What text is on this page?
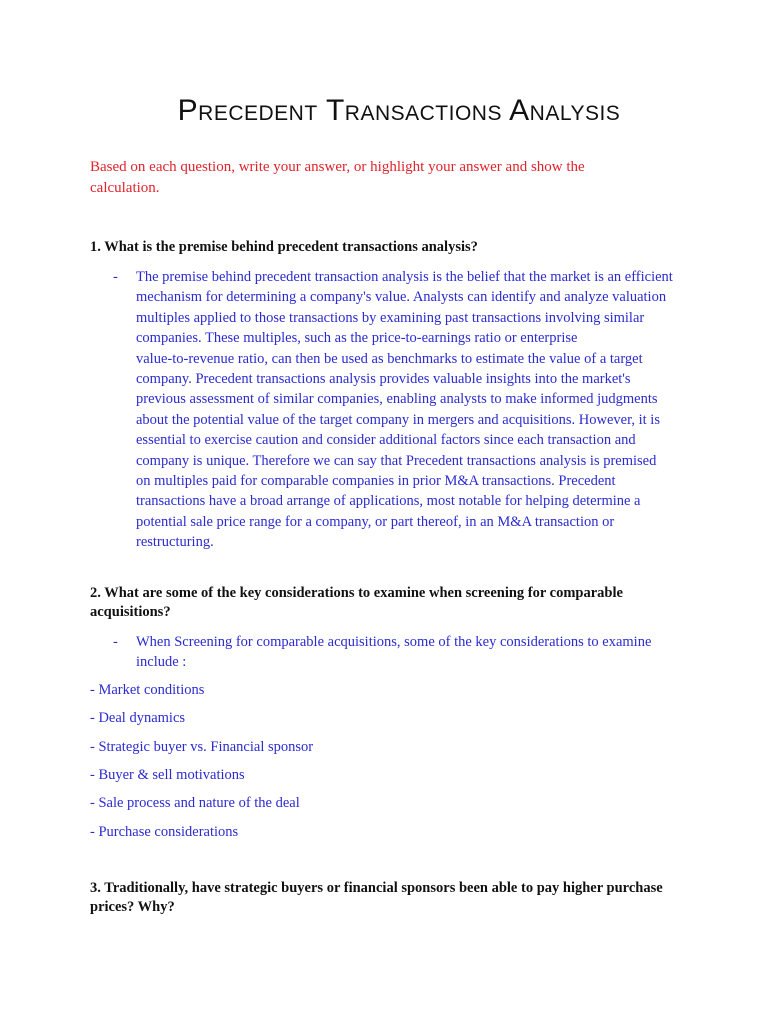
Precedent Transactions Analysis

Based on each question, write your answer, or highlight your answer and show the
calculation.

1. What is the premise behind precedent transactions analysis?

- The premise behind precedent transaction analysis is the belief that the market is an efficient
mechanism for determining a company's value. Analysts can identify and analyze valuation
multiples applied to those transactions by examining past transactions involving similar
companies. These multiples, such as the price-to-earnings ratio or enterprise
value-to-revenue ratio, can then be used as benchmarks to estimate the value of a target
company. Precedent transactions analysis provides valuable insights into the market's
previous assessment of similar companies, enabling analysts to make informed judgments
about the potential value of the target company in mergers and acquisitions. However, it is
essential to exercise caution and consider additional factors since each transaction and
company is unique. Therefore we can say that Precedent transactions analysis is premised
on multiples paid for comparable companies in prior M&A transactions. Precedent
transactions have a broad arrange of applications, most notable for helping determine a
potential sale price range for a company, or part thereof, in an M&A transaction or
restructuring.

2. What are some of the key considerations to examine when screening for comparable
acquisitions?

- When Screening for comparable acquisitions, some of the key considerations to examine
include :

- Market conditions

- Deal dynamics

- Strategic buyer vs. Financial sponsor

- Buyer & sell motivations

- Sale process and nature of the deal

- Purchase considerations

3. Traditionally, have strategic buyers or financial sponsors been able to pay higher purchase
prices? Why?
